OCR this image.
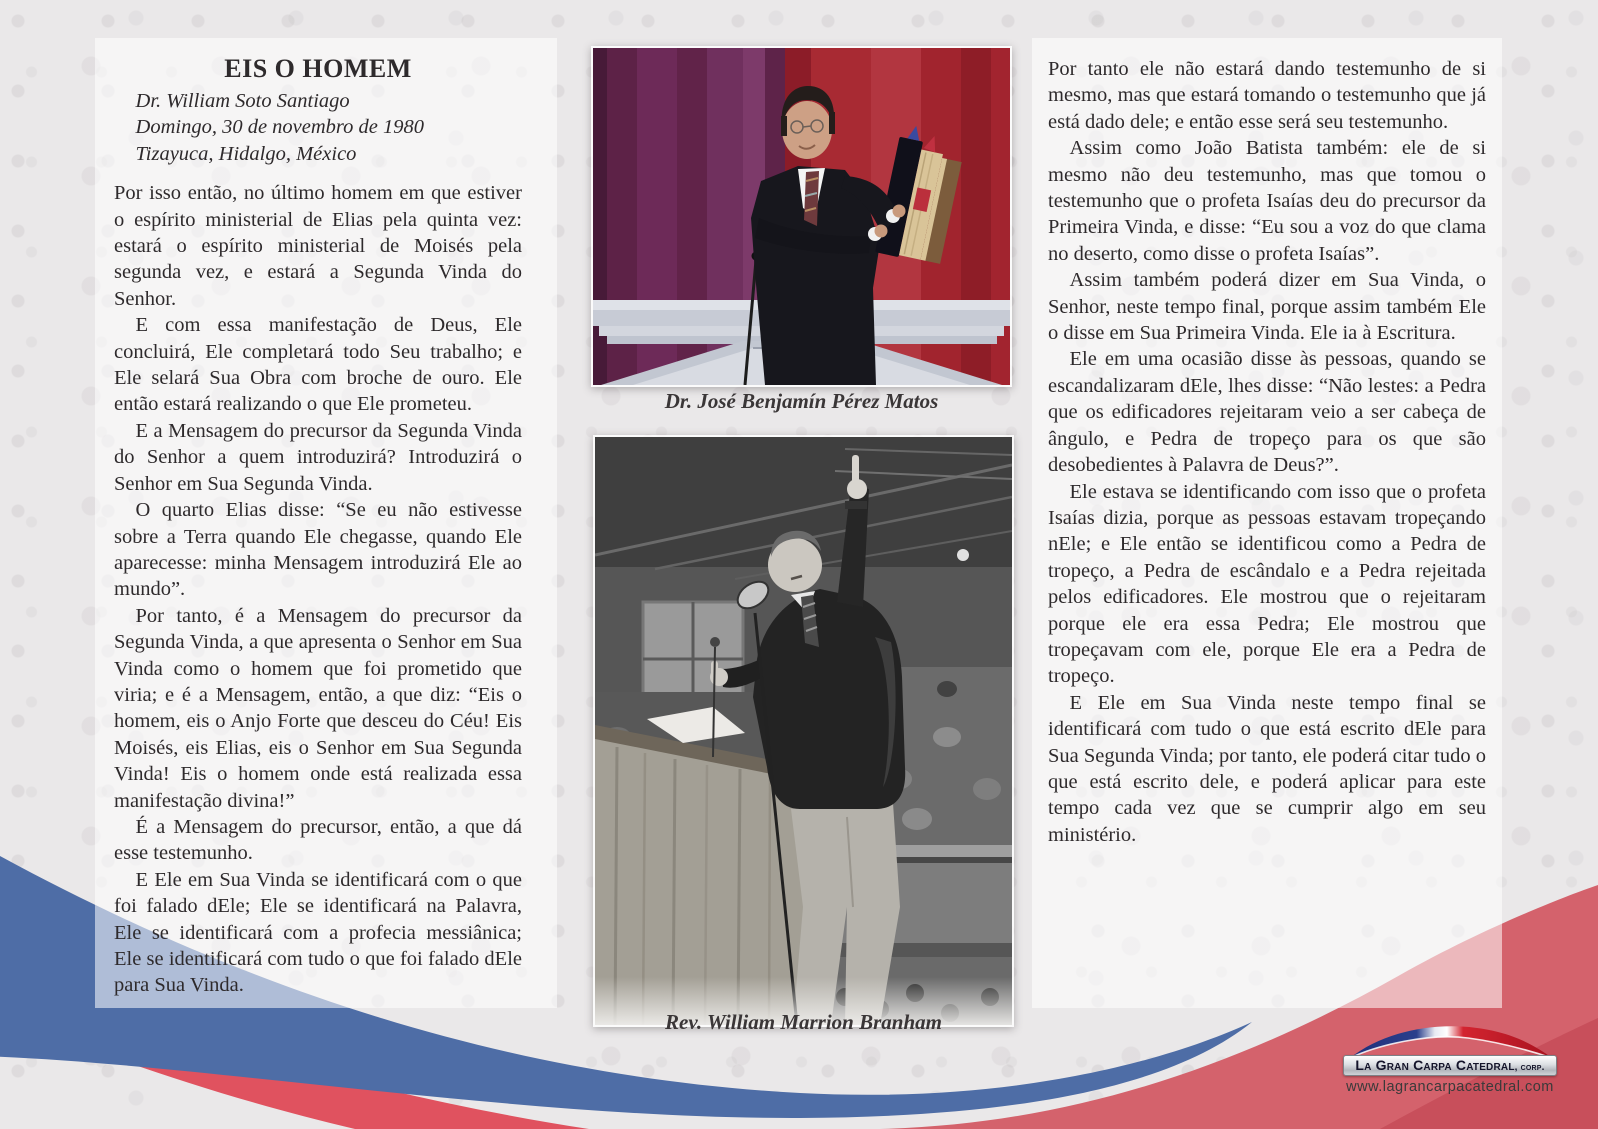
EIS O HOMEM

Dr. William Soto Santiago

Domingo, 30 de novembro de 1980

Tizayuca, Hidalgo, México

Por isso então, no último homem em que estiver o espírito ministerial de Elias pela quinta vez: estará o espírito ministerial de Moisés pela segunda vez, e estará a Segunda Vinda do Senhor.

E com essa manifestação de Deus, Ele concluirá, Ele completará todo Seu trabalho; e Ele selará Sua Obra com broche de ouro. Ele então estará realizando o que Ele prometeu.

E a Mensagem do precursor da Segunda Vinda do Senhor a quem introduzirá? Introduzirá o Senhor em Sua Segunda Vinda.

O quarto Elias disse: “Se eu não estivesse sobre a Terra quando Ele chegasse, quando Ele aparecesse: minha Mensagem introduzirá Ele ao mundo”.

Por tanto, é a Mensagem do precursor da Segunda Vinda, a que apresenta o Senhor em Sua Vinda como o homem que foi prometido que viria; e é a Mensagem, então, a que diz: “Eis o homem, eis o Anjo Forte que desceu do Céu! Eis Moisés, eis Elias, eis o Senhor em Sua Segunda Vinda! Eis o homem onde está realizada essa manifestação divina!”

É a Mensagem do precursor, então, a que dá esse testemunho.

E Ele em Sua Vinda se identificará com o que foi falado dEle; Ele se identificará na Palavra, Ele se identificará com a profecia messiânica; Ele se identificará com tudo o que foi falado dEle para Sua Vinda.

Por tanto ele não estará dando testemunho de si mesmo, mas que estará tomando o testemunho que já está dado dele; e então esse será seu testemunho.

Assim como João Batista também: ele de si mesmo não deu testemunho, mas que tomou o testemunho que o profeta Isaías deu do precursor da Primeira Vinda, e disse: “Eu sou a voz do que clama no deserto, como disse o profeta Isaías”.

Assim também poderá dizer em Sua Vinda, o Senhor, neste tempo final, porque assim também Ele o disse em Sua Primeira Vinda. Ele ia à Escritura.

Ele em uma ocasião disse às pessoas, quando se escandalizaram dEle, lhes disse: “Não lestes: a Pedra que os edificadores rejeitaram veio a ser cabeça de ângulo, e Pedra de tropeço para os que são desobedientes à Palavra de Deus?”.

Ele estava se identificando com isso que o profeta Isaías dizia, porque as pessoas estavam tropeçando nEle; e Ele então se identificou como a Pedra de tropeço, a Pedra de escândalo e a Pedra rejeitada pelos edificadores. Ele mostrou que o rejeitaram porque ele era essa Pedra; Ele mostrou que tropeçavam com ele, porque Ele era a Pedra de tropeço.

E Ele em Sua Vinda neste tempo final se identificará com tudo o que está escrito dEle para Sua Segunda Vinda; por tanto, ele poderá citar tudo o que está escrito dele, e poderá aplicar para este tempo cada vez que se cumprir algo em seu ministério.

Dr. José Benjamín Pérez Matos
Rev. William Marrion Branham
La Gran Carpa Catedral, corp.
www.lagrancarpacatedral.com
